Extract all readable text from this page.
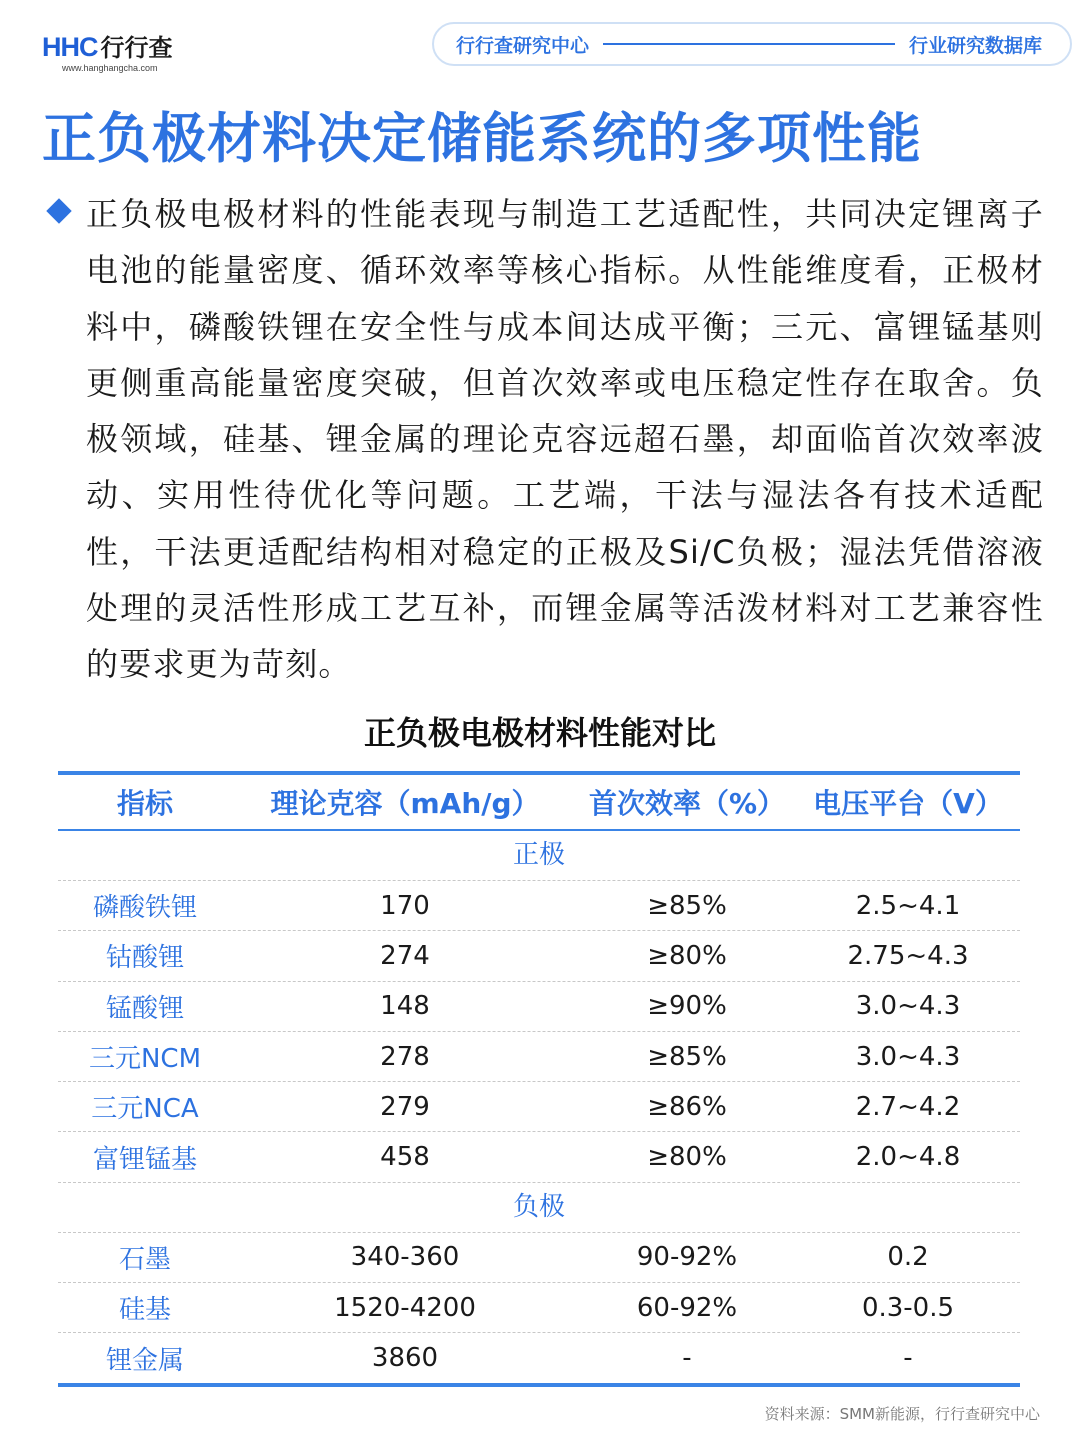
HHC 行行查
www.hanghangcha.com
行行查研究中心	行业研究数据库
正负极材料决定储能系统的多项性能

正负极电极材料的性能表现与制造工艺适配性，共同决定锂离子电池的能量密度、循环效率等核心指标。从性能维度看，正极材料中，磷酸铁锂在安全性与成本间达成平衡；三元、富锂锰基则更侧重高能量密度突破，但首次效率或电压稳定性存在取舍。负极领域，硅基、锂金属的理论克容远超石墨，却面临首次效率波动、实用性待优化等问题。工艺端，干法与湿法各有技术适配性，干法更适配结构相对稳定的正极及Si/C负极；湿法凭借溶液处理的灵活性形成工艺互补，而锂金属等活泼材料对工艺兼容性的要求更为苛刻。

正负极电极材料性能对比
指标	理论克容（mAh/g）	首次效率（%）	电压平台（V）
正极
磷酸铁锂	170	≥85%	2.5~4.1
钴酸锂	274	≥80%	2.75~4.3
锰酸锂	148	≥90%	3.0~4.3
三元NCM	278	≥85%	3.0~4.3
三元NCA	279	≥86%	2.7~4.2
富锂锰基	458	≥80%	2.0~4.8
负极
石墨	340-360	90-92%	0.2
硅基	1520-4200	60-92%	0.3-0.5
锂金属	3860	-	-
资料来源：SMM新能源，行行查研究中心
